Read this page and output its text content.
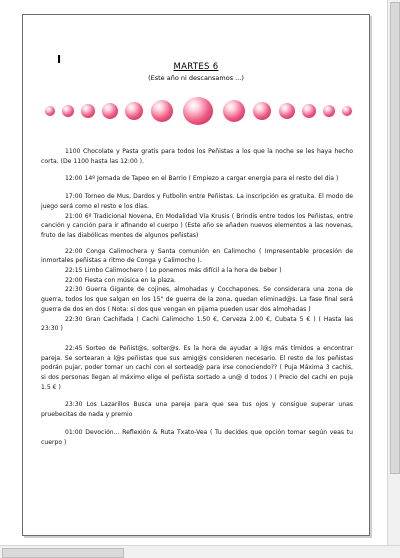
I
MARTES 6
(Este año ni descansamos ...)

1100 Chocolate y Pasta gratis para todos los Peñistas a los que la noche se les haya hecho corta. (De 1100 hasta las 12:00 ).

12:00 14º Jornada de Tapeo en el Barrio ( Empiezo a cargar energia para el resto del dia )

17:00 Torneo de Mus, Dardos y Futbolín entre Peñistas. La inscripción es gratuita. El modo de juego será como el resto e los días.

21:00 6º Tradicional Novena, En Modalidad Vía Krusis ( Brindis entre todos los Peñistas, entre canción y canción para ir afinando el cuerpo ) (Este año se añaden nuevos elementos a las novenas, fruto de las diabólicas mentes de algunos peñistas)

22:00 Conga Calimochera y Santa comunión en Calimocho ( Impresentable procesión de inmortales peñistas a ritmo de Conga y Calimocho ).

22:15 Limbo Calimochero ( Lo ponemos más difícil a la hora de beber )

22:00 Fiesta con música en la plaza.

22:30 Guerra Gigante de cojines, almohadas y Cocchapones. Se considerara una zona de guerra, todos los que salgan en los 15" de guerra de la zona, quedan eliminad@s. La fase final será guerra de dos en dos ( Nota: si dos que vengan en pijama pueden usar dos almohadas )

22:30 Gran Cachifada ( Cachi Calimocho 1.50 €, Cerveza 2.00 €, Cubata 5 € ) ( Hasta las 23:30 )

22:45 Sorteo de Peñist@s, solter@s. Es la hora de ayudar a l@s más tímidos a encontrar pareja. Se sortearan a l@s peñistas que sus amig@s consideren necesario. El resto de los peñistas podrán pujar, poder tomar un cachi con el sortead@ para irse conociendo?? ( Puja Máxima 3 cachis, si dos personas llegan al máximo elige el peñista sortado a un@ d todos ) ( Precio del cachi en puja 1.5 € )

23:30 Los Lazarillos Busca una pareja para que sea tus ojos y consigue superar unas pruebecitas de nada y premio

01:00 Devoción... Reflexión & Ruta Txato-Vea ( Tu decides que opción tomar según veas tu cuerpo )
